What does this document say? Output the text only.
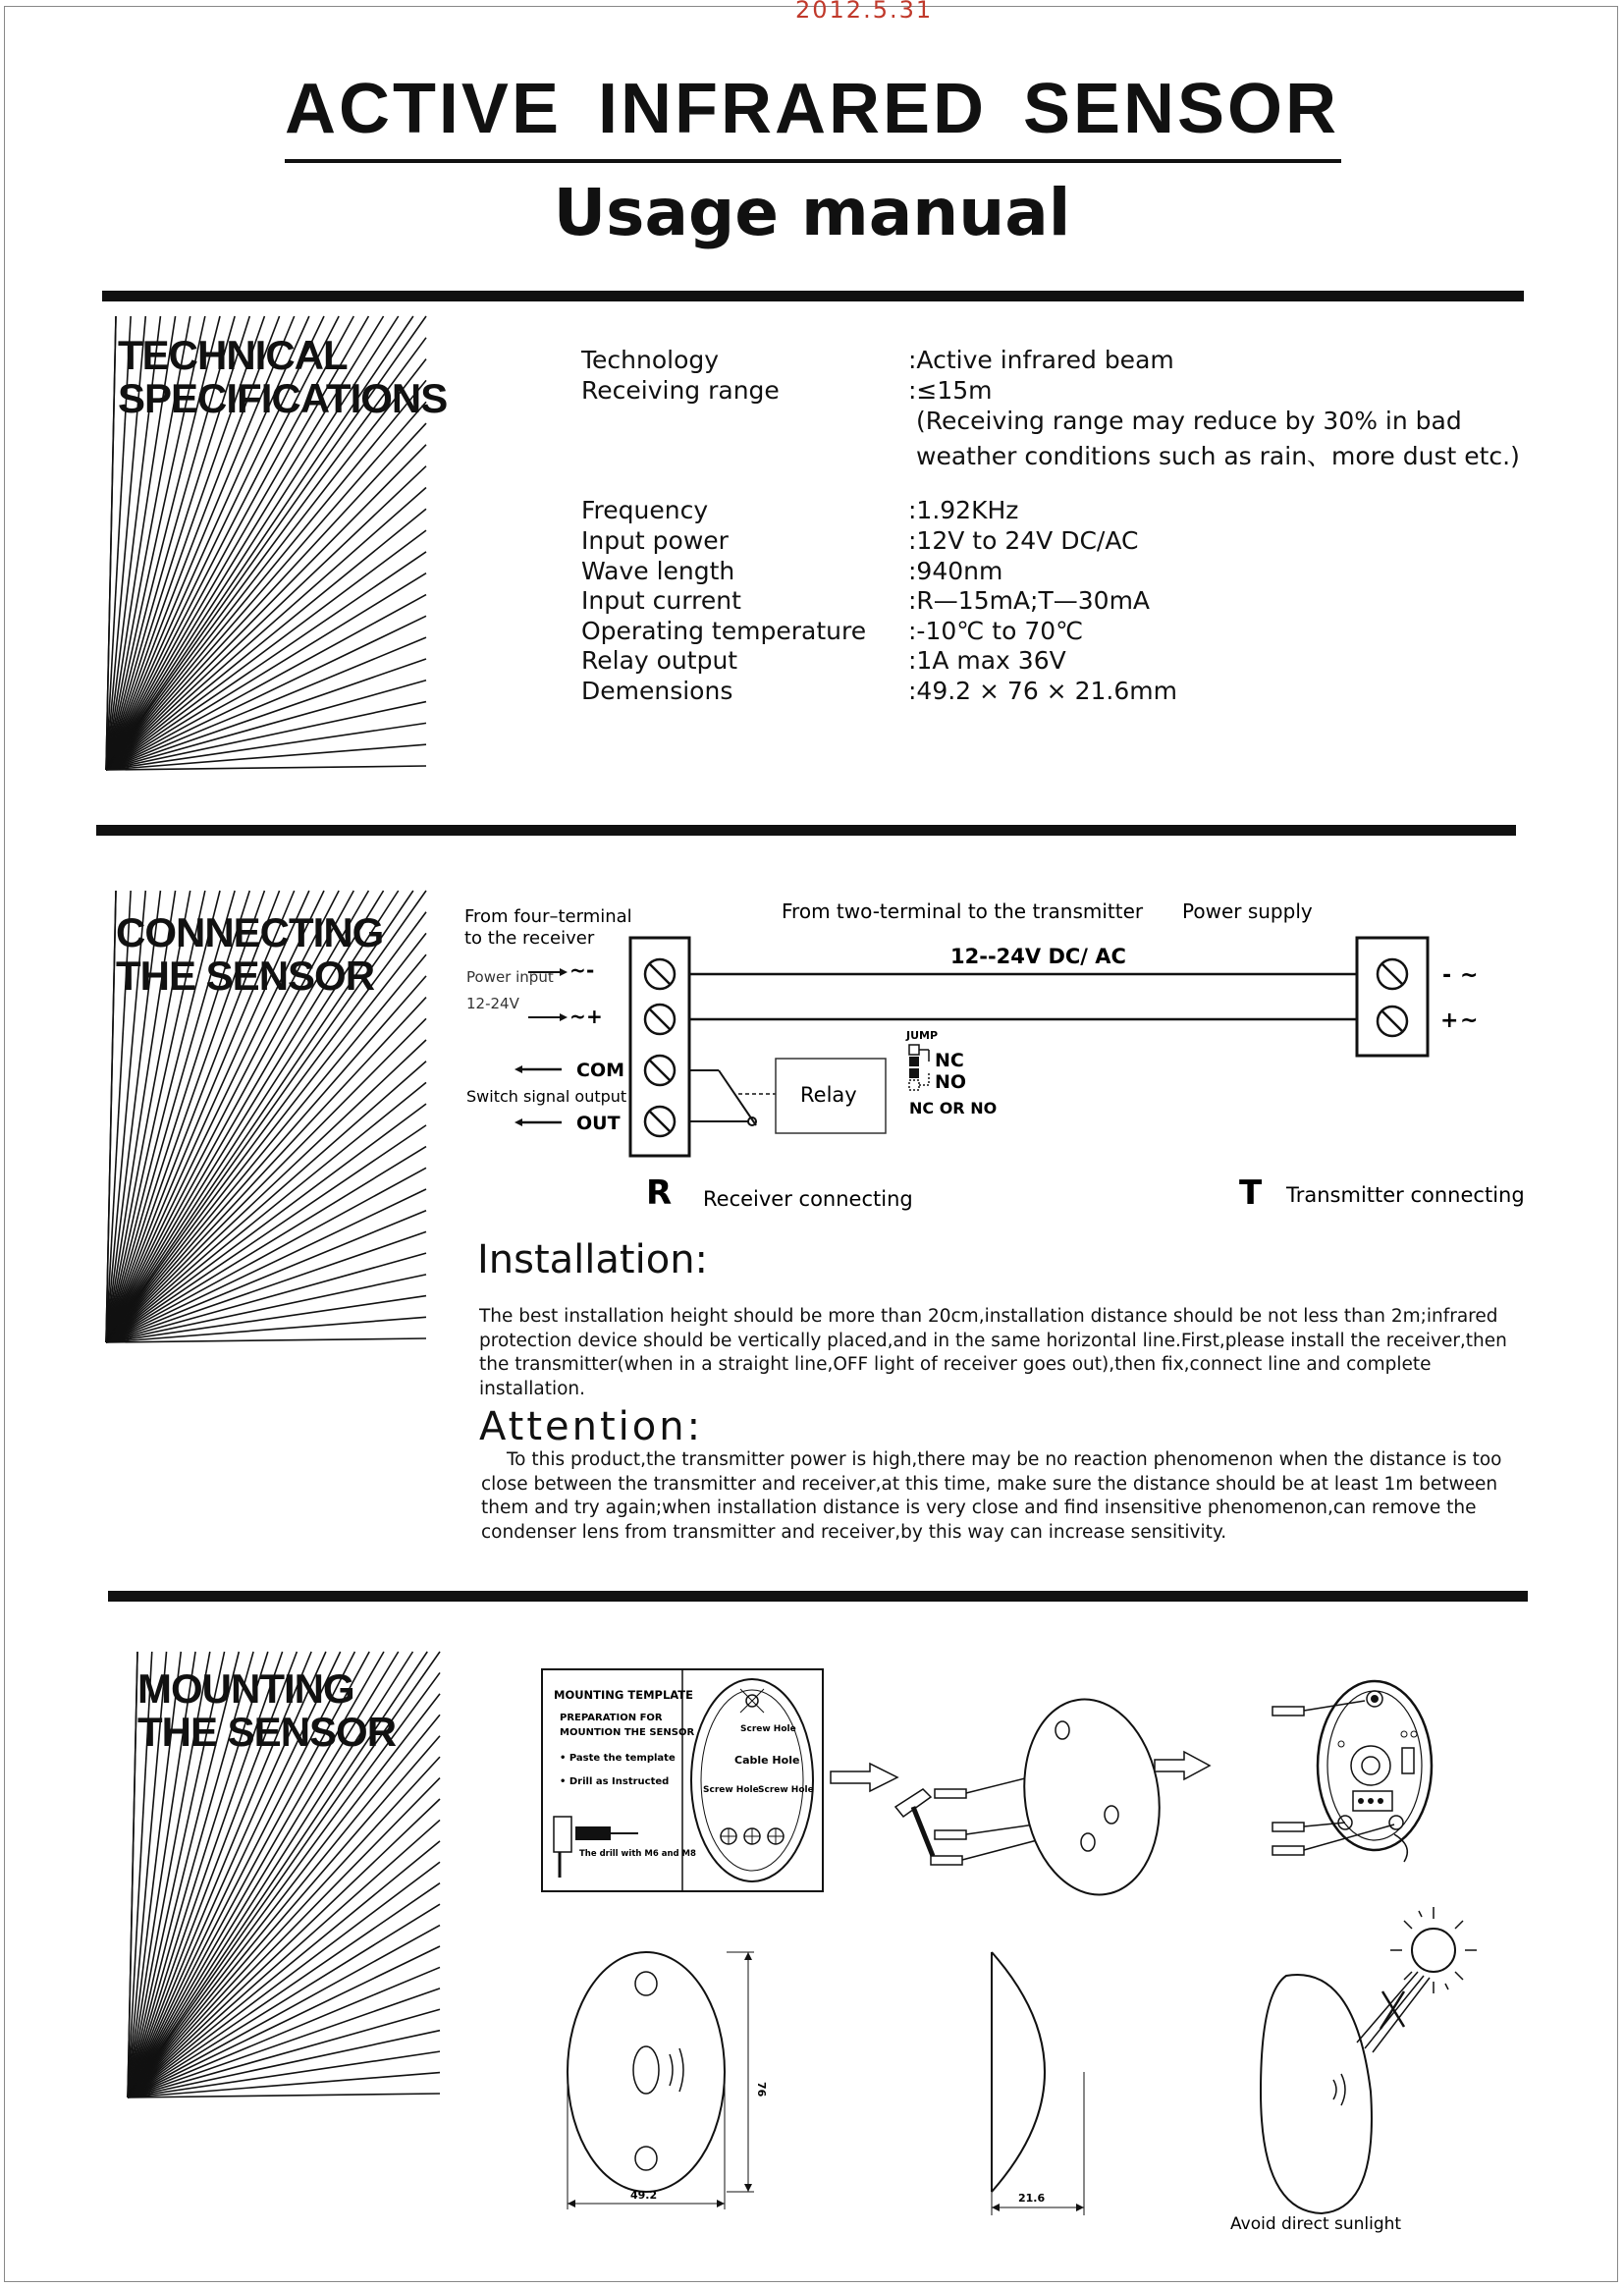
2012.5.31
ACTIVE INFRARED SENSOR
Usage manual
TECHNICAL
SPECIFICATIONS
CONNECTING
THE SENSOR
MOUNTING
THE SENSOR
Technology	:Active infrared beam
Receiving range	:≤15m
(Receiving range may reduce by 30% in bad
weather conditions such as rain、more dust etc.)
Frequency	:1.92KHz
Input power	:12V to 24V DC/AC
Wave length	:940nm
Input current	:R—15mA;T—30mA
Operating temperature :-10℃ to 70℃
Relay output	:1A max 36V
Demensions	:49.2 × 76 × 21.6mm
From four–terminal
to the receiver
From two-terminal to the transmitter Power supply
12--24V DC/ AC
Power input
12-24V
~ -
~ +
COM
Switch signal output
OUT
Relay
JUMP
NC
NO
NC OR NO
- ~
+ ~
R Receiver connecting	T Transmitter connecting
Installation:
The best installation height should be more than 20cm,installation distance should be not less than 2m;infrared
protection device should be vertically placed,and in the same horizontal line.First,please install the receiver,then
the transmitter(when in a straight line,OFF light of receiver goes out),then fix,connect line and complete installation.
Attention:
To this product,the transmitter power is high,there may be no reaction phenomenon when the distance is too
close between the transmitter and receiver,at this time, make sure the distance should be at least 1m between
them and try again;when installation distance is very close and find insensitive phenomenon,can remove the
condenser lens from transmitter and receiver,by this way can increase sensitivity.
MOUNTING TEMPLATE
PREPARATION FOR
MOUNTION THE SENSOR
• Paste the template
• Drill as Instructed
The drill with M6 and M8
Screw Hole
Cable Hole
Screw Hole Screw Hole
49.2
76
21.6
Avoid direct sunlight
